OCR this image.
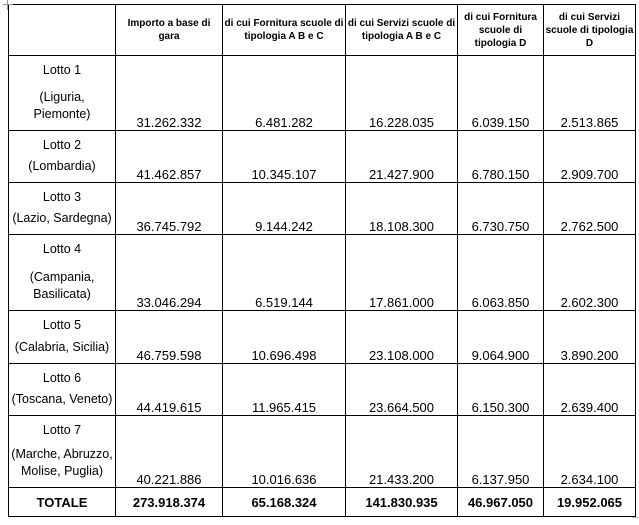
	Importo a base di gara	di cui Fornitura scuole di tipologia A B e C	di cui Servizi scuole di tipologia A B e C	di cui Fornitura scuole di tipologia D	di cui Servizi scuole di tipologia D

Lotto 1
(Liguria, Piemonte)	31.262.332	6.481.282	16.228.035	6.039.150	2.513.865

Lotto 2
(Lombardia)	41.462.857	10.345.107	21.427.900	6.780.150	2.909.700

Lotto 3
(Lazio, Sardegna)	36.745.792	9.144.242	18.108.300	6.730.750	2.762.500

Lotto 4
(Campania, Basilicata)	33.046.294	6.519.144	17.861.000	6.063.850	2.602.300

Lotto 5
(Calabria, Sicilia)	46.759.598	10.696.498	23.108.000	9.064.900	3.890.200

Lotto 6
(Toscana, Veneto)	44.419.615	11.965.415	23.664.500	6.150.300	2.639.400

Lotto 7
(Marche, Abruzzo, Molise, Puglia)	40.221.886	10.016.636	21.433.200	6.137.950	2.634.100
TOTALE	273.918.374	65.168.324	141.830.935	46.967.050	19.952.065
